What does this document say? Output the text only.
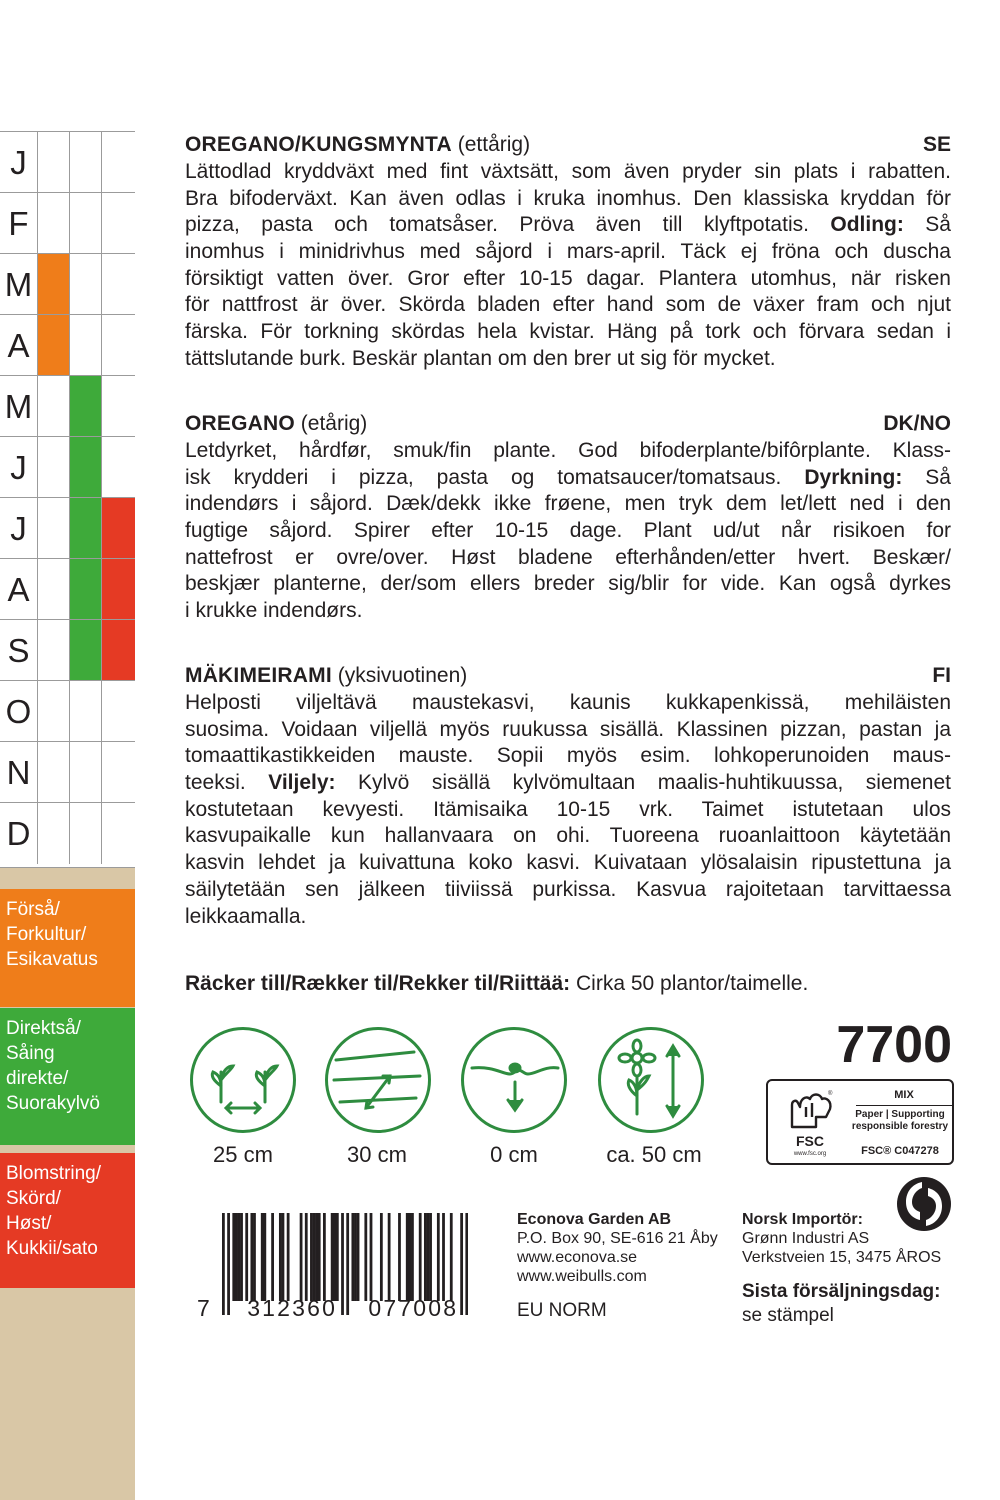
J
F
M
A
M
J
J
A
S
O
N
D
Förså/
Forkultur/
Esikavatus
Direktså/
Såing
direkte/
Suorakylvö
Blomstring/
Skörd/
Høst/
Kukkii/sato
OREGANO/KUNGSMYNTA (ettårig)	SE
Lättodlad kryddväxt med fint växtsätt, som även pryder sin plats i rabatten.
Bra bifoderväxt. Kan även odlas i kruka inomhus. Den klassiska kryddan för
pizza, pasta och tomatsåser. Pröva även till klyftpotatis. Odling: Så
inomhus i minidrivhus med såjord i mars-april. Täck ej fröna och duscha
försiktigt vatten över. Gror efter 10-15 dagar. Plantera utomhus, när risken
för nattfrost är över. Skörda bladen efter hand som de växer fram och njut
färska. För torkning skördas hela kvistar. Häng på tork och förvara sedan i
tättslutande burk. Beskär plantan om den brer ut sig för mycket.
OREGANO (etårig)	DK/NO
Letdyrket, hårdfør, smuk/fin plante. God bifoderplante/bifôrplante. Klass-
isk krydderi i pizza, pasta og tomatsaucer/tomatsaus. Dyrkning: Så
indendørs i såjord. Dæk/dekk ikke frøene, men tryk dem let/lett ned i den
fugtige såjord. Spirer efter 10-15 dage. Plant ud/ut når risikoen for
nattefrost er ovre/over. Høst bladene efterhånden/etter hvert. Beskær/
beskjær planterne, der/som ellers breder sig/blir for vide. Kan også dyrkes
i krukke indendørs.
MÄKIMEIRAMI (yksivuotinen)	FI
Helposti viljeltävä maustekasvi, kaunis kukkapenkissä, mehiläisten
suosima. Voidaan viljellä myös ruukussa sisällä. Klassinen pizzan, pastan ja
tomaattikastikkeiden mauste. Sopii myös esim. lohkoperunoiden maus-
teeksi. Viljely: Kylvö sisällä kylvömultaan maalis-huhtikuussa, siemenet
kostutetaan kevyesti. Itämisaika 10-15 vrk. Taimet istutetaan ulos
kasvupaikalle kun hallanvaara on ohi. Tuoreena ruoanlaittoon käytetään
kasvin lehdet ja kuivattuna koko kasvi. Kuivataan ylösalaisin ripustettuna ja
säilytetään sen jälkeen tiiviissä purkissa. Kasvua rajoitetaan tarvittaessa
leikkaamalla.
Räcker till/Rækker til/Rekker til/Riittää: Cirka 50 plantor/taimelle.
25 cm	30 cm	0 cm	ca. 50 cm
7700
®
FSC
www.fsc.org
MIX
Paper | Supporting
responsible forestry
FSC® C047278
7 312360 077008
Econova Garden AB
P.O. Box 90, SE-616 21 Åby
www.econova.se
www.weibulls.com
EU NORM
Norsk Importör:
Grønn Industri AS
Verkstveien 15, 3475 ÅROS
Sista försäljningsdag:
se stämpel
